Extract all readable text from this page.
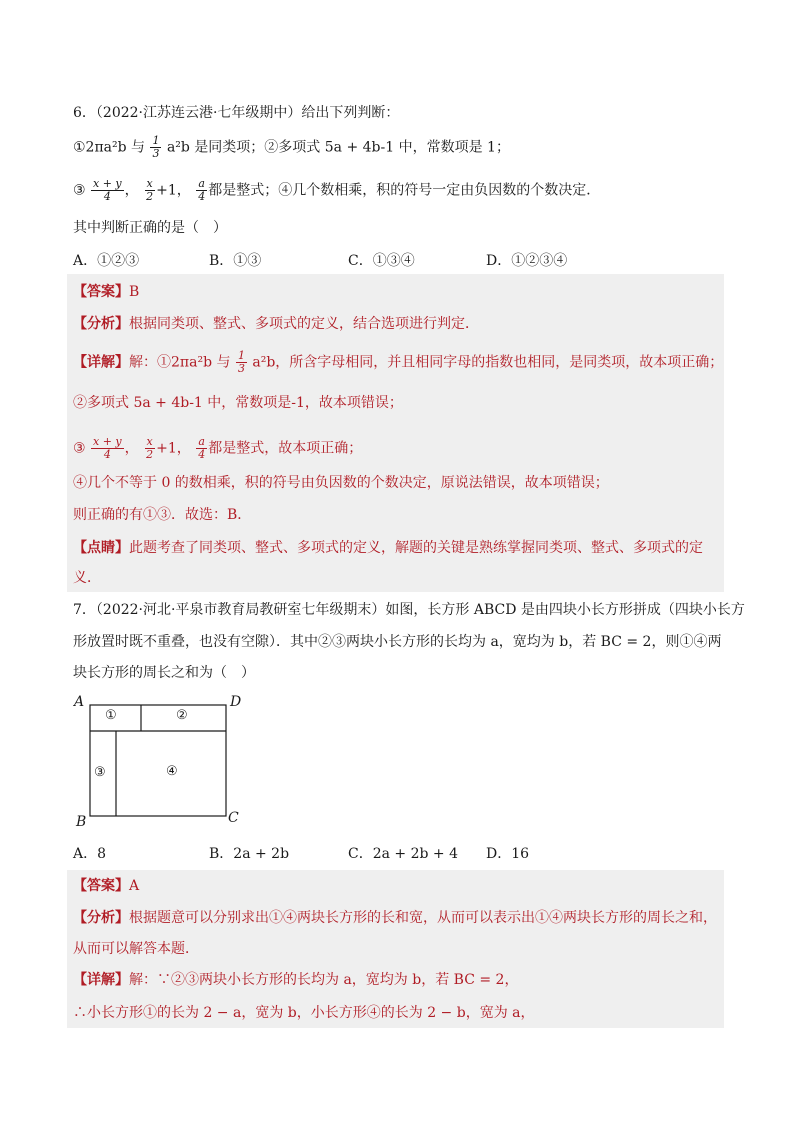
6．（2022·江苏连云港·七年级期中）给出下列判断：
①2πa²b 与 $\frac{1}{3} a^2b$ 是同类项；②多项式 5a + 4b-1 中，常数项是 1；
③ $\frac{x + y}{4}$ ， $\frac{x}{2} +1$， $\frac{a}{4}$ 都是整式；④几个数相乘，积的符号一定由负因数的个数决定．
其中判断正确的是（　）
A．①②③	B．①③	C．①③④	D．①②③④
【答案】B
【分析】根据同类项、整式、多项式的定义，结合选项进行判定．
【详解】解：①2πa²b 与 $\frac{1}{3} a^2b$，所含字母相同，并且相同字母的指数也相同，是同类项，故本项正确；
②多项式 5a + 4b-1 中，常数项是-1，故本项错误；
③ $\frac{x + y}{4}$ ， $\frac{x}{2} +1$， $\frac{a}{4}$ 都是整式，故本项正确；
④几个不等于 0 的数相乘，积的符号由负因数的个数决定，原说法错误，故本项错误；
则正确的有①③．故选：B．
【点睛】此题考查了同类项、整式、多项式的定义，解题的关键是熟练掌握同类项、整式、多项式的定
义．
7．（2022·河北·平泉市教育局教研室七年级期末）如图，长方形 ABCD 是由四块小长方形拼成（四块小长方
形放置时既不重叠，也没有空隙）．其中②③两块小长方形的长均为 a，宽均为 b，若 BC = 2，则①④两
块长方形的周长之和为（　）
A	D
B	C
①	②
③	④
A．8	B．2a + 2b	C．2a + 2b + 4 D．16
【答案】A
【分析】根据题意可以分别求出①④两块长方形的长和宽，从而可以表示出①④两块长方形的周长之和，
从而可以解答本题．
【详解】解：∵②③两块小长方形的长均为 a，宽均为 b，若 BC = 2，
∴小长方形①的长为 2 − a，宽为 b，小长方形④的长为 2 − b，宽为 a，
